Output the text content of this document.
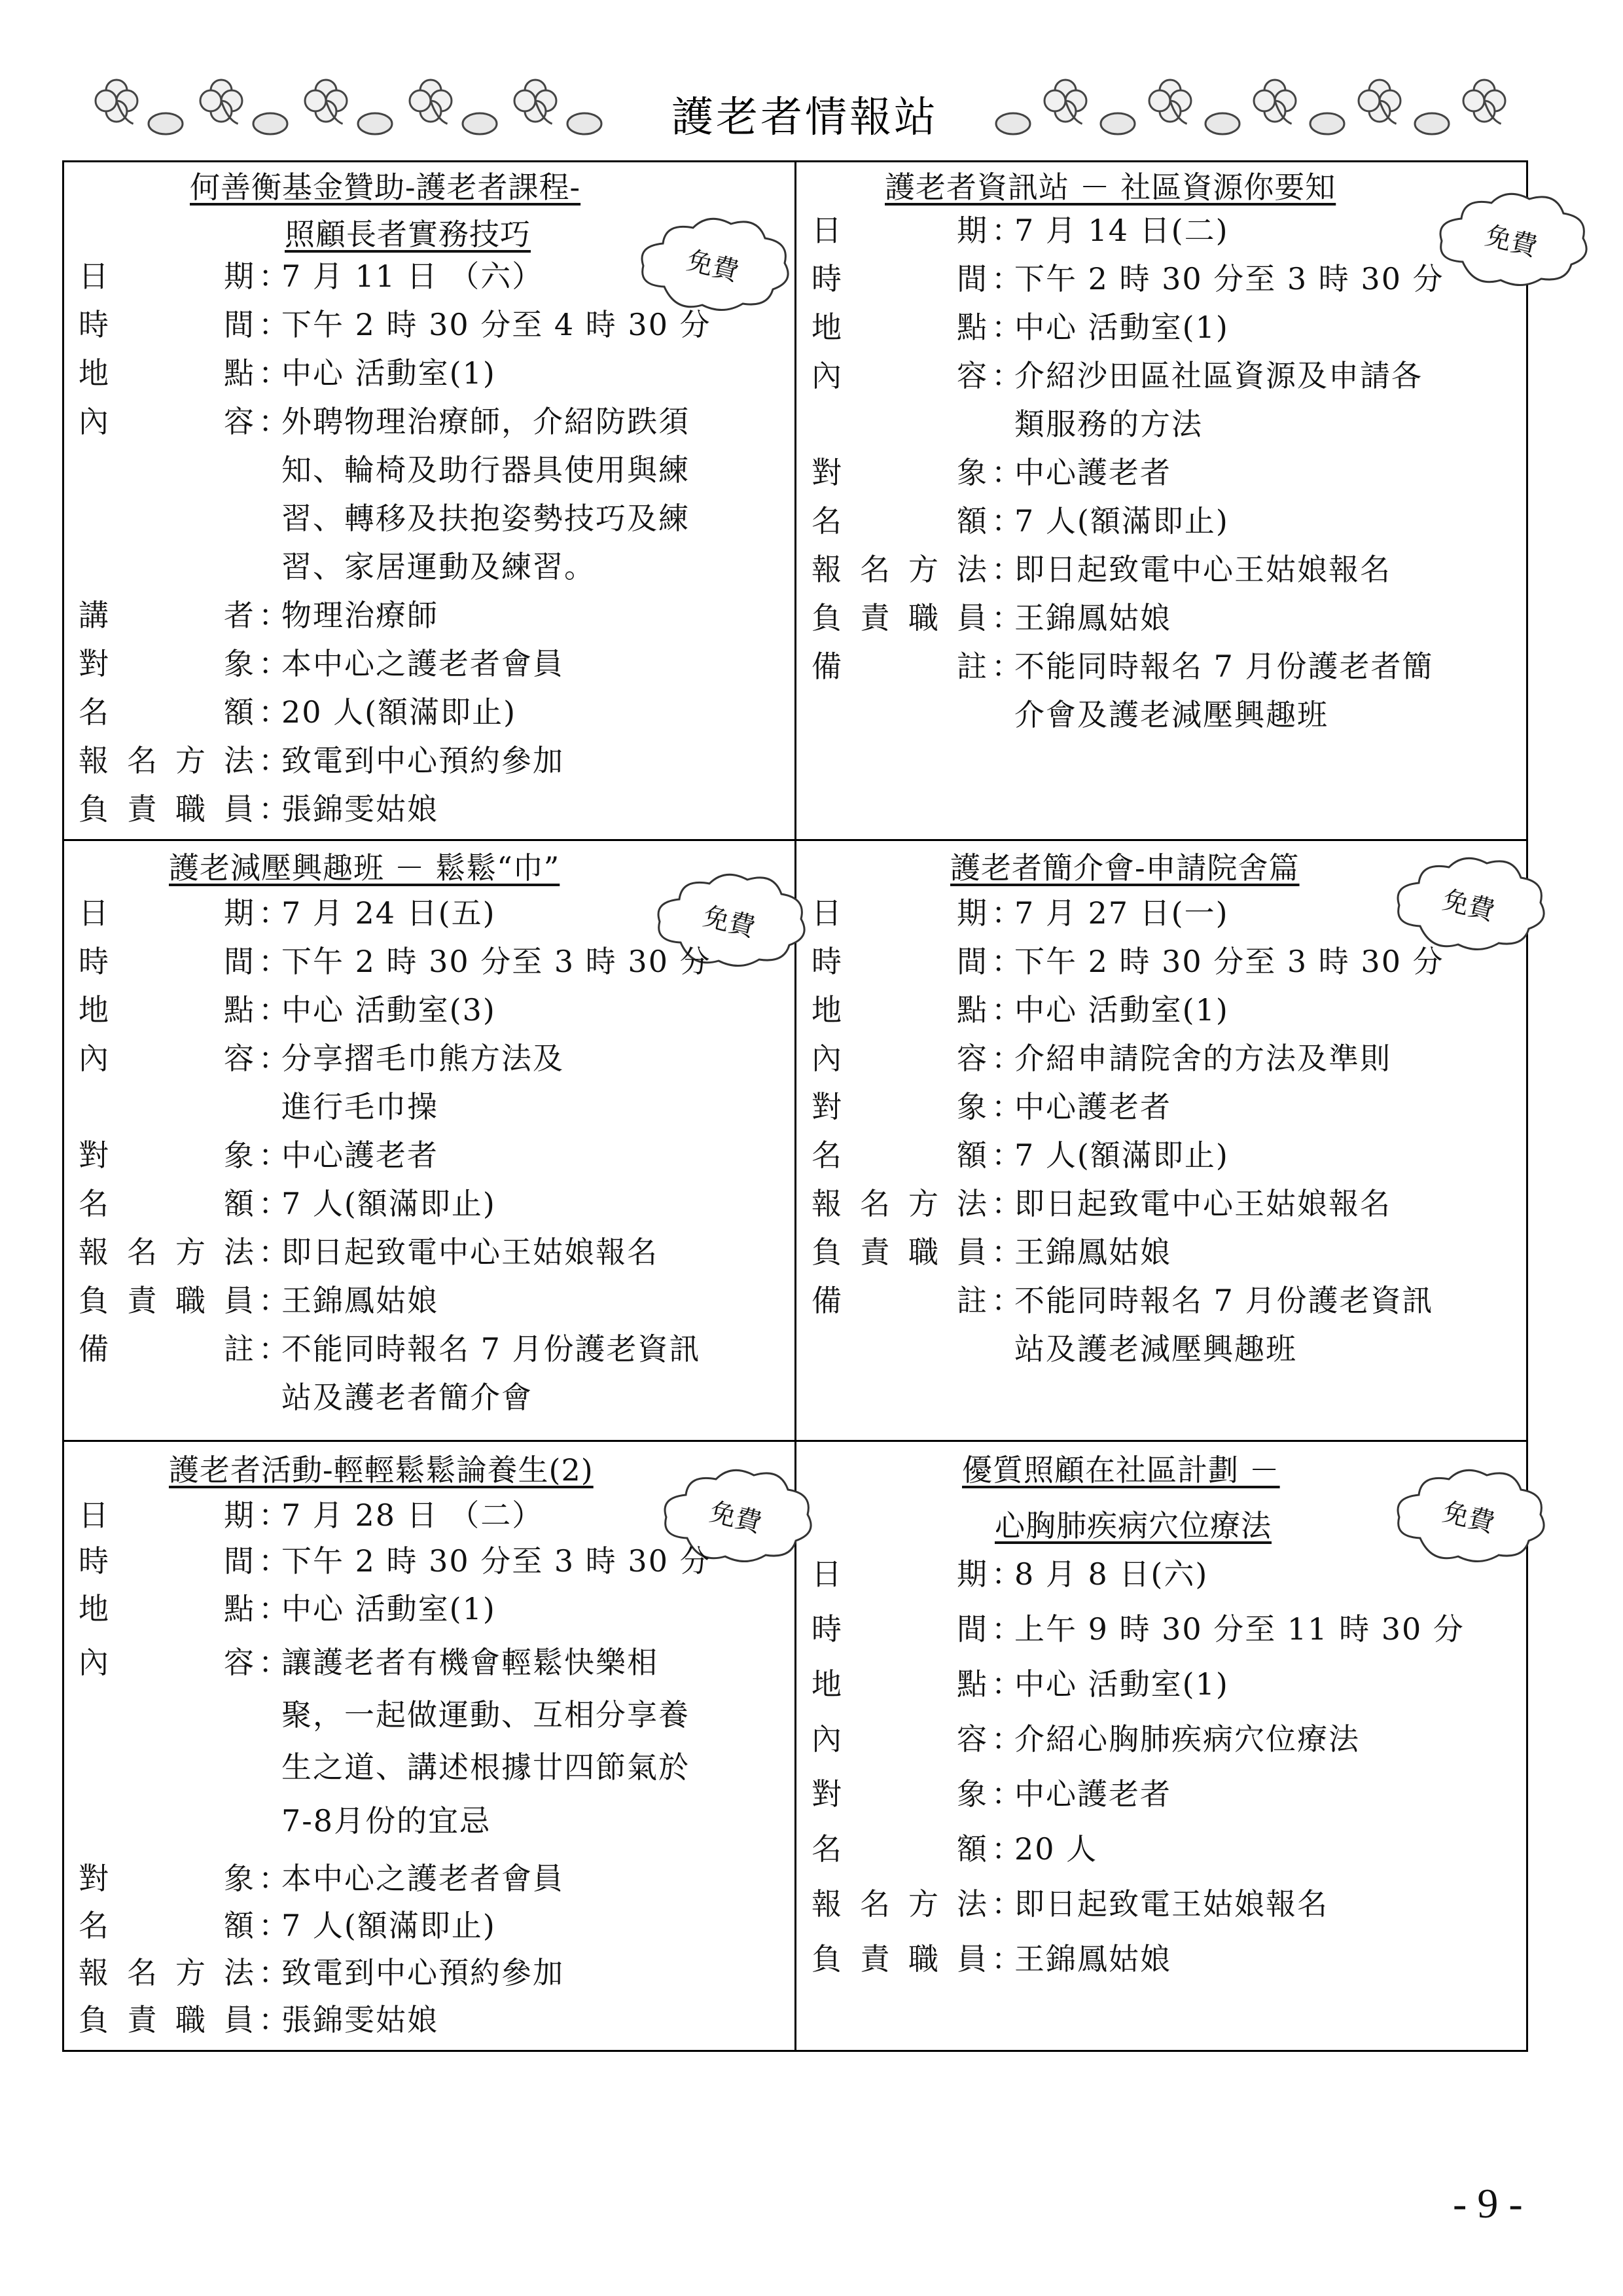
護老者情報站
何善衡基金贊助-護老者課程-
照顧長者實務技巧
免費
日期 ：
7 月 11 日 （六）
時間 ：
下午 2 時 30 分至 4 時 30 分
地點 ：
中心 活動室(1)
內容 ：
外聘物理治療師，介紹防跌須
知、輪椅及助行器具使用與練
習、轉移及扶抱姿勢技巧及練
習、家居運動及練習。
講者 ：
物理治療師
對象 ：
本中心之護老者會員
名額 ：
20 人(額滿即止)
報名方法 ：
致電到中心預約參加
負責職員 ：
張錦雯姑娘
護老者資訊站 － 社區資源你要知
免費
日期 ：
7 月 14 日(二)
時間 ：
下午 2 時 30 分至 3 時 30 分
地點 ：
中心 活動室(1)
內容 ：
介紹沙田區社區資源及申請各
類服務的方法
對象 ：
中心護老者
名額 ：
7 人(額滿即止)
報名方法 ：
即日起致電中心王姑娘報名
負責職員 ：
王錦鳳姑娘
備註 ：
不能同時報名 7 月份護老者簡
介會及護老減壓興趣班
護老減壓興趣班 － 鬆鬆“巾”
免費
日期 ：
7 月 24 日(五)
時間 ：
下午 2 時 30 分至 3 時 30 分
地點 ：
中心 活動室(3)
內容 ：
分享摺毛巾熊方法及
進行毛巾操
對象 ：
中心護老者
名額 ：
7 人(額滿即止)
報名方法 ：
即日起致電中心王姑娘報名
負責職員 ：
王錦鳳姑娘
備註 ：
不能同時報名 7 月份護老資訊
站及護老者簡介會
護老者簡介會-申請院舍篇
免費
日期 ：
7 月 27 日(一)
時間 ：
下午 2 時 30 分至 3 時 30 分
地點 ：
中心 活動室(1)
內容 ：
介紹申請院舍的方法及準則
對象 ：
中心護老者
名額 ：
7 人(額滿即止)
報名方法 ：
即日起致電中心王姑娘報名
負責職員 ：
王錦鳳姑娘
備註 ：
不能同時報名 7 月份護老資訊
站及護老減壓興趣班
護老者活動-輕輕鬆鬆論養生(2)
免費
日期 ：
7 月 28 日 （二）
時間 ：
下午 2 時 30 分至 3 時 30 分
地點 ：
中心 活動室(1)
內容 ：
讓護老者有機會輕鬆快樂相
聚，一起做運動、互相分享養
生之道、講述根據廿四節氣於
7-8月份的宜忌
對象 ：
本中心之護老者會員
名額 ：
7 人(額滿即止)
報名方法 ：
致電到中心預約參加
負責職員 ：
張錦雯姑娘
優質照顧在社區計劃 －
心胸肺疾病穴位療法	免費
日期 ：
8 月 8 日(六)
時間 ：
上午 9 時 30 分至 11 時 30 分
地點 ：
中心 活動室(1)
內容 ：
介紹心胸肺疾病穴位療法
對象 ：
中心護老者
名額 ：
20 人
報名方法 ：
即日起致電王姑娘報名
負責職員 ：
王錦鳳姑娘
- 9 -
